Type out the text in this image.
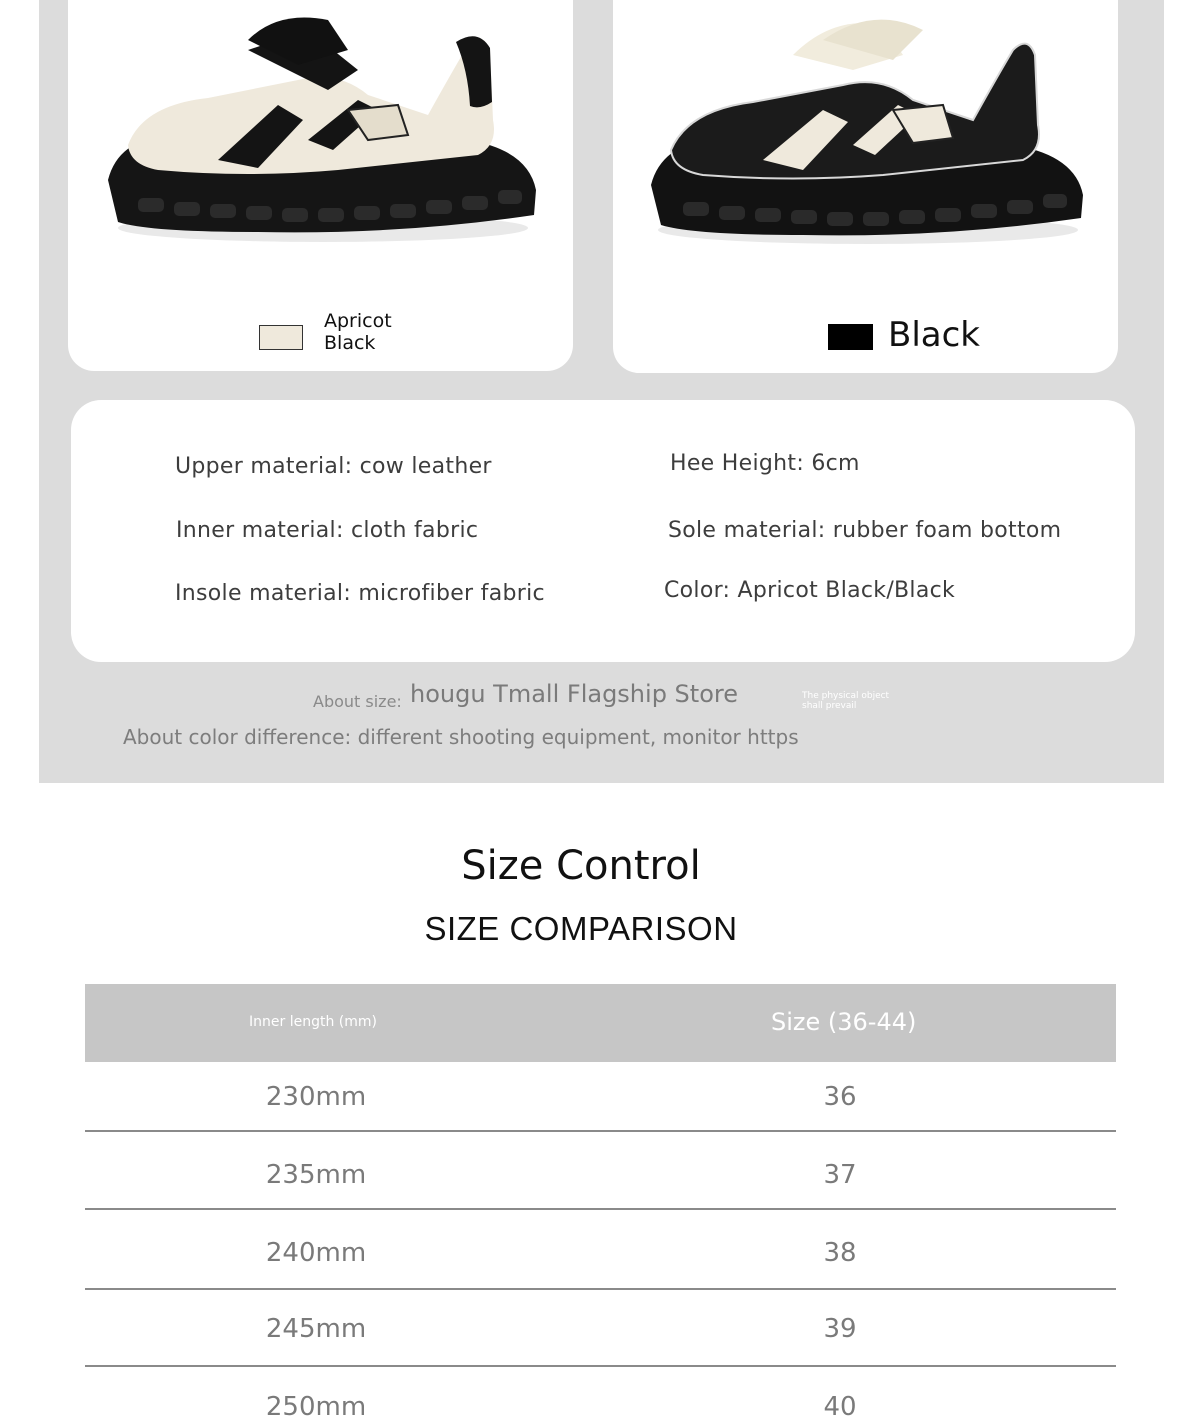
Apricot
Black	Black
Upper material: cow leather	Hee Height: 6cm
Inner material: cloth fabric	Sole material: rubber foam bottom
Insole material: microfiber fabric	Color: Apricot Black/Black
About size: hougu Tmall Flagship Store	The physical object
shall prevail
About color difference: different shooting equipment, monitor https
Size Control
SIZE COMPARISON
Inner length (mm)	Size (36-44)
230mm	36
235mm	37
240mm	38
245mm	39
250mm	40
